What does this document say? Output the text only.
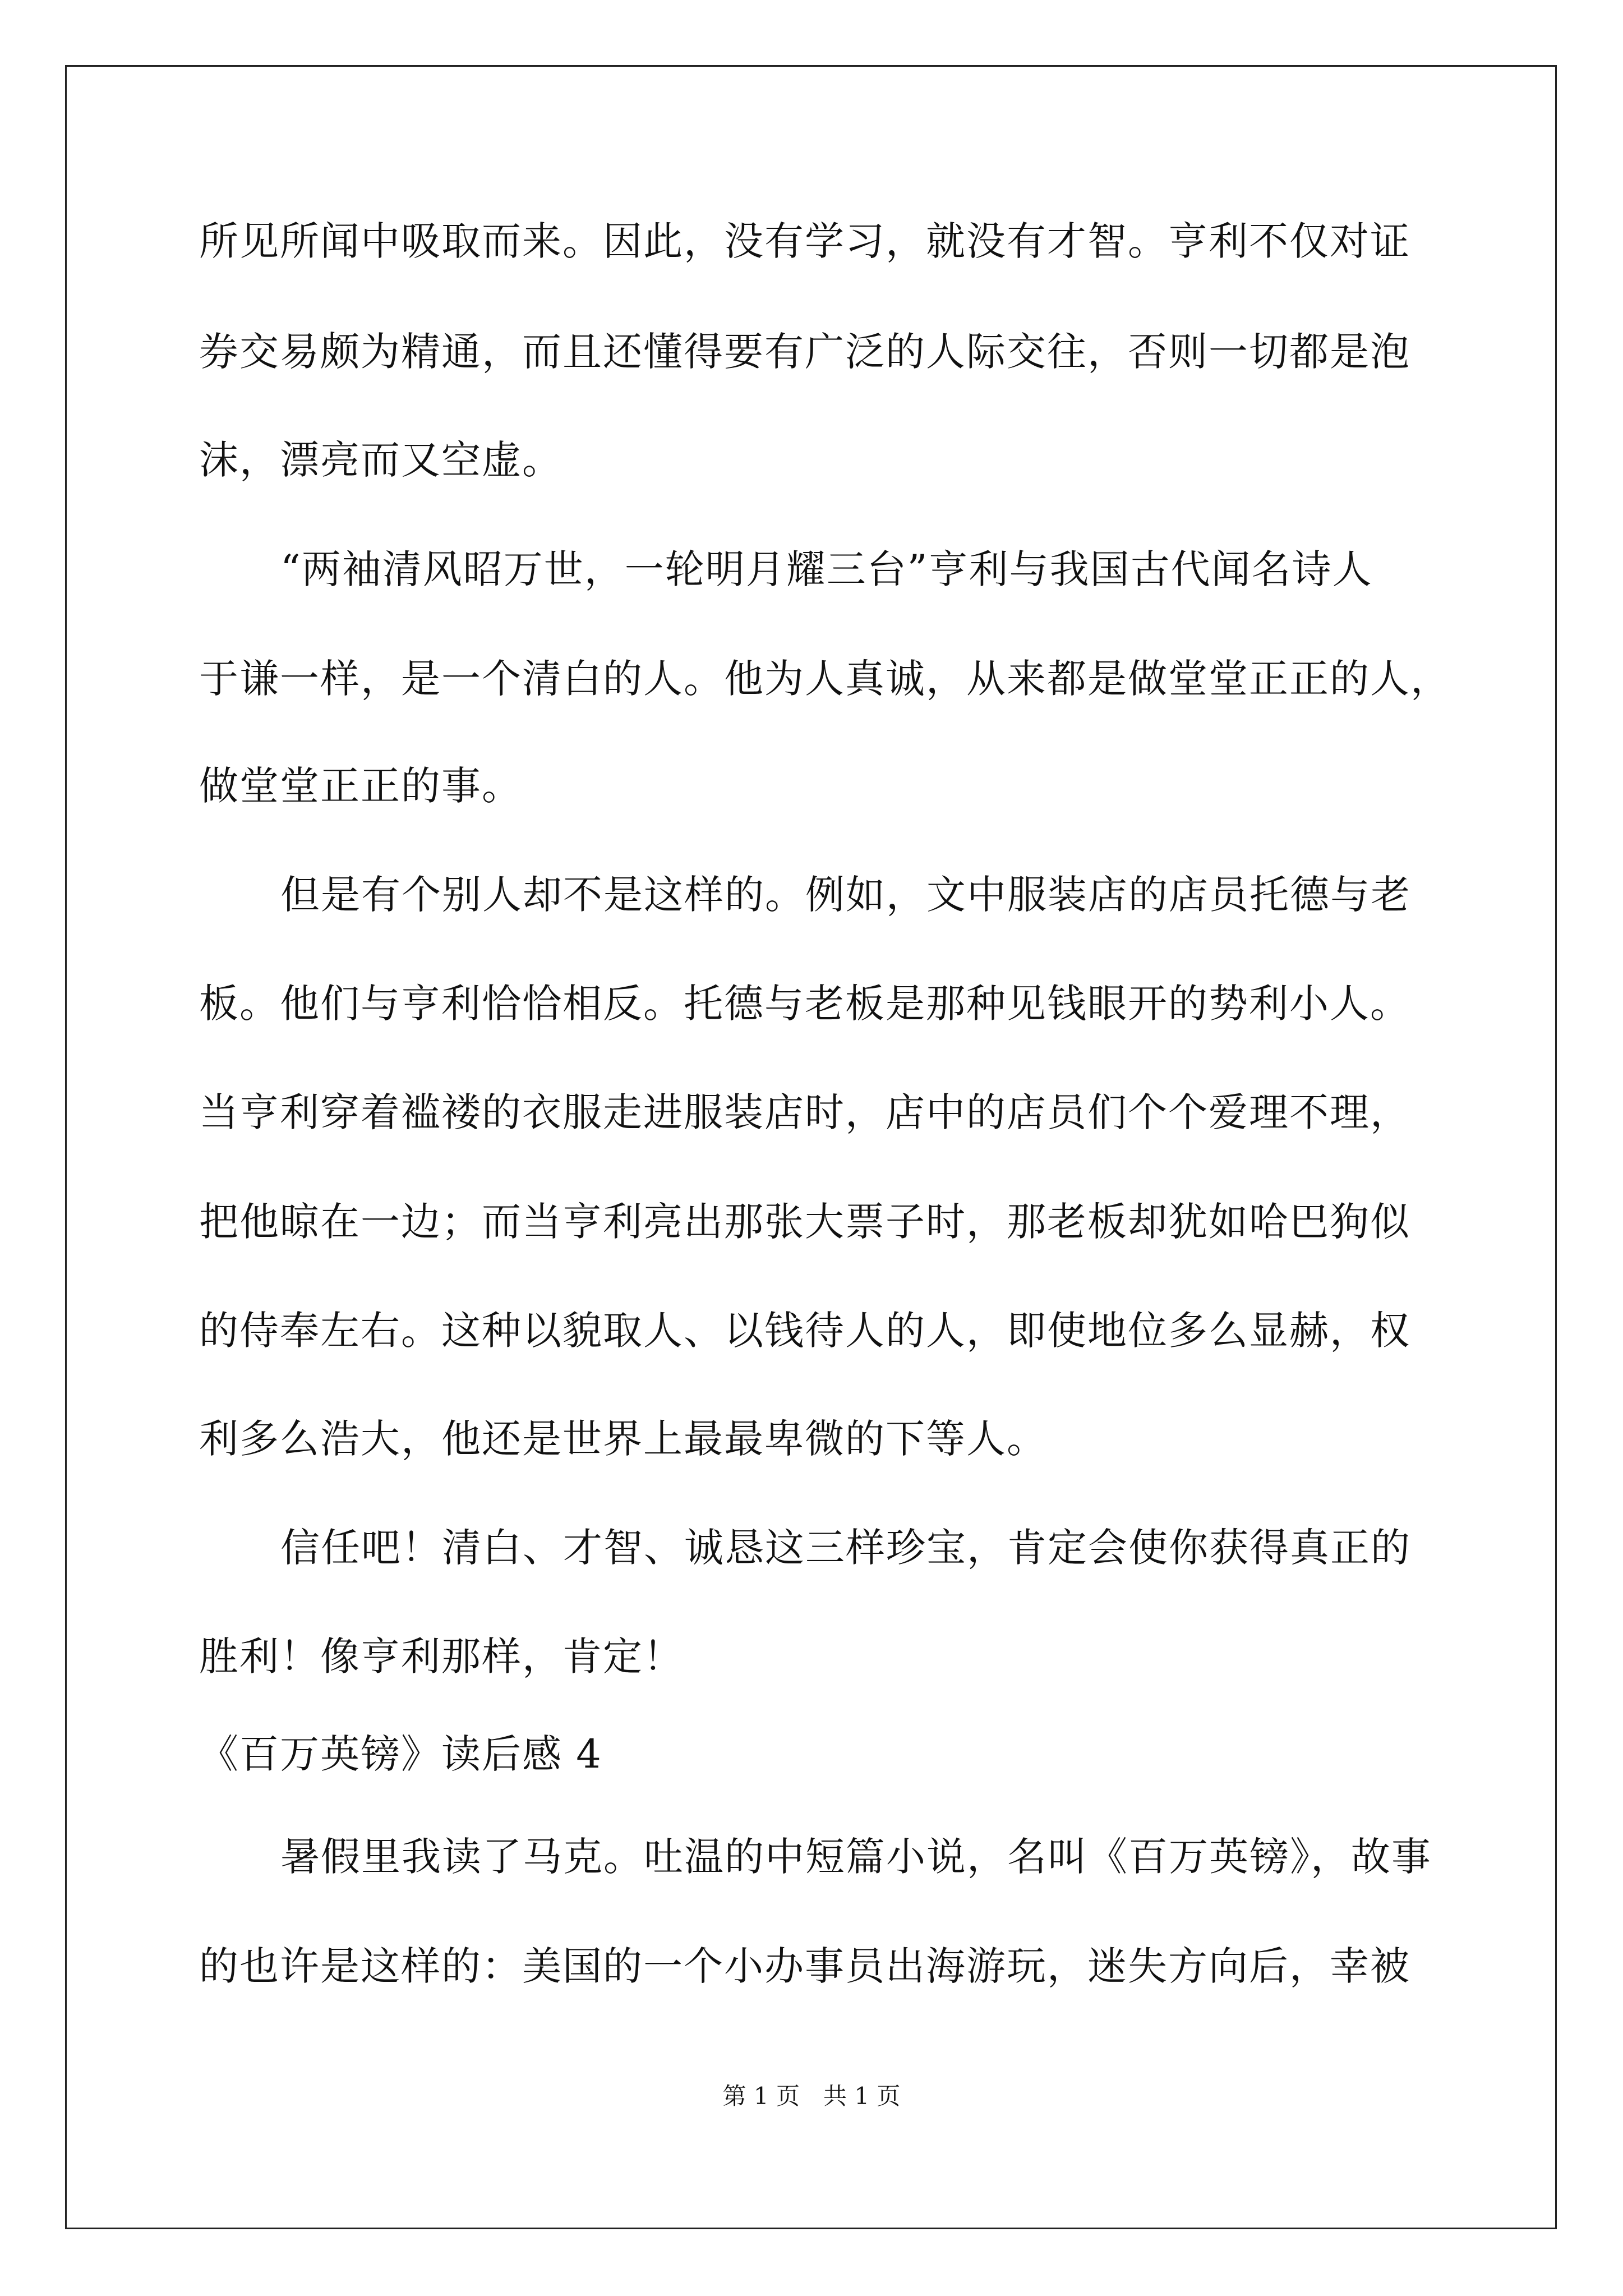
所见所闻中吸取而来。因此，没有学习，就没有才智。亨利不仅对证
券交易颇为精通，而且还懂得要有广泛的人际交往，否则一切都是泡
沫，漂亮而又空虚。
“两袖清风昭万世，一轮明月耀三台”亨利与我国古代闻名诗人
于谦一样，是一个清白的人。他为人真诚，从来都是做堂堂正正的人，
做堂堂正正的事。
但是有个别人却不是这样的。例如，文中服装店的店员托德与老
板。他们与亨利恰恰相反。托德与老板是那种见钱眼开的势利小人。
当亨利穿着褴褛的衣服走进服装店时，店中的店员们个个爱理不理，
把他晾在一边；而当亨利亮出那张大票子时，那老板却犹如哈巴狗似
的侍奉左右。这种以貌取人、以钱待人的人，即使地位多么显赫，权
利多么浩大，他还是世界上最最卑微的下等人。
信任吧！清白、才智、诚恳这三样珍宝，肯定会使你获得真正的
胜利！像亨利那样，肯定！
《百万英镑》读后感 4
暑假里我读了马克。吐温的中短篇小说，名叫《百万英镑》，故事
的也许是这样的：美国的一个小办事员出海游玩，迷失方向后，幸被
第 1 页　共 1 页
